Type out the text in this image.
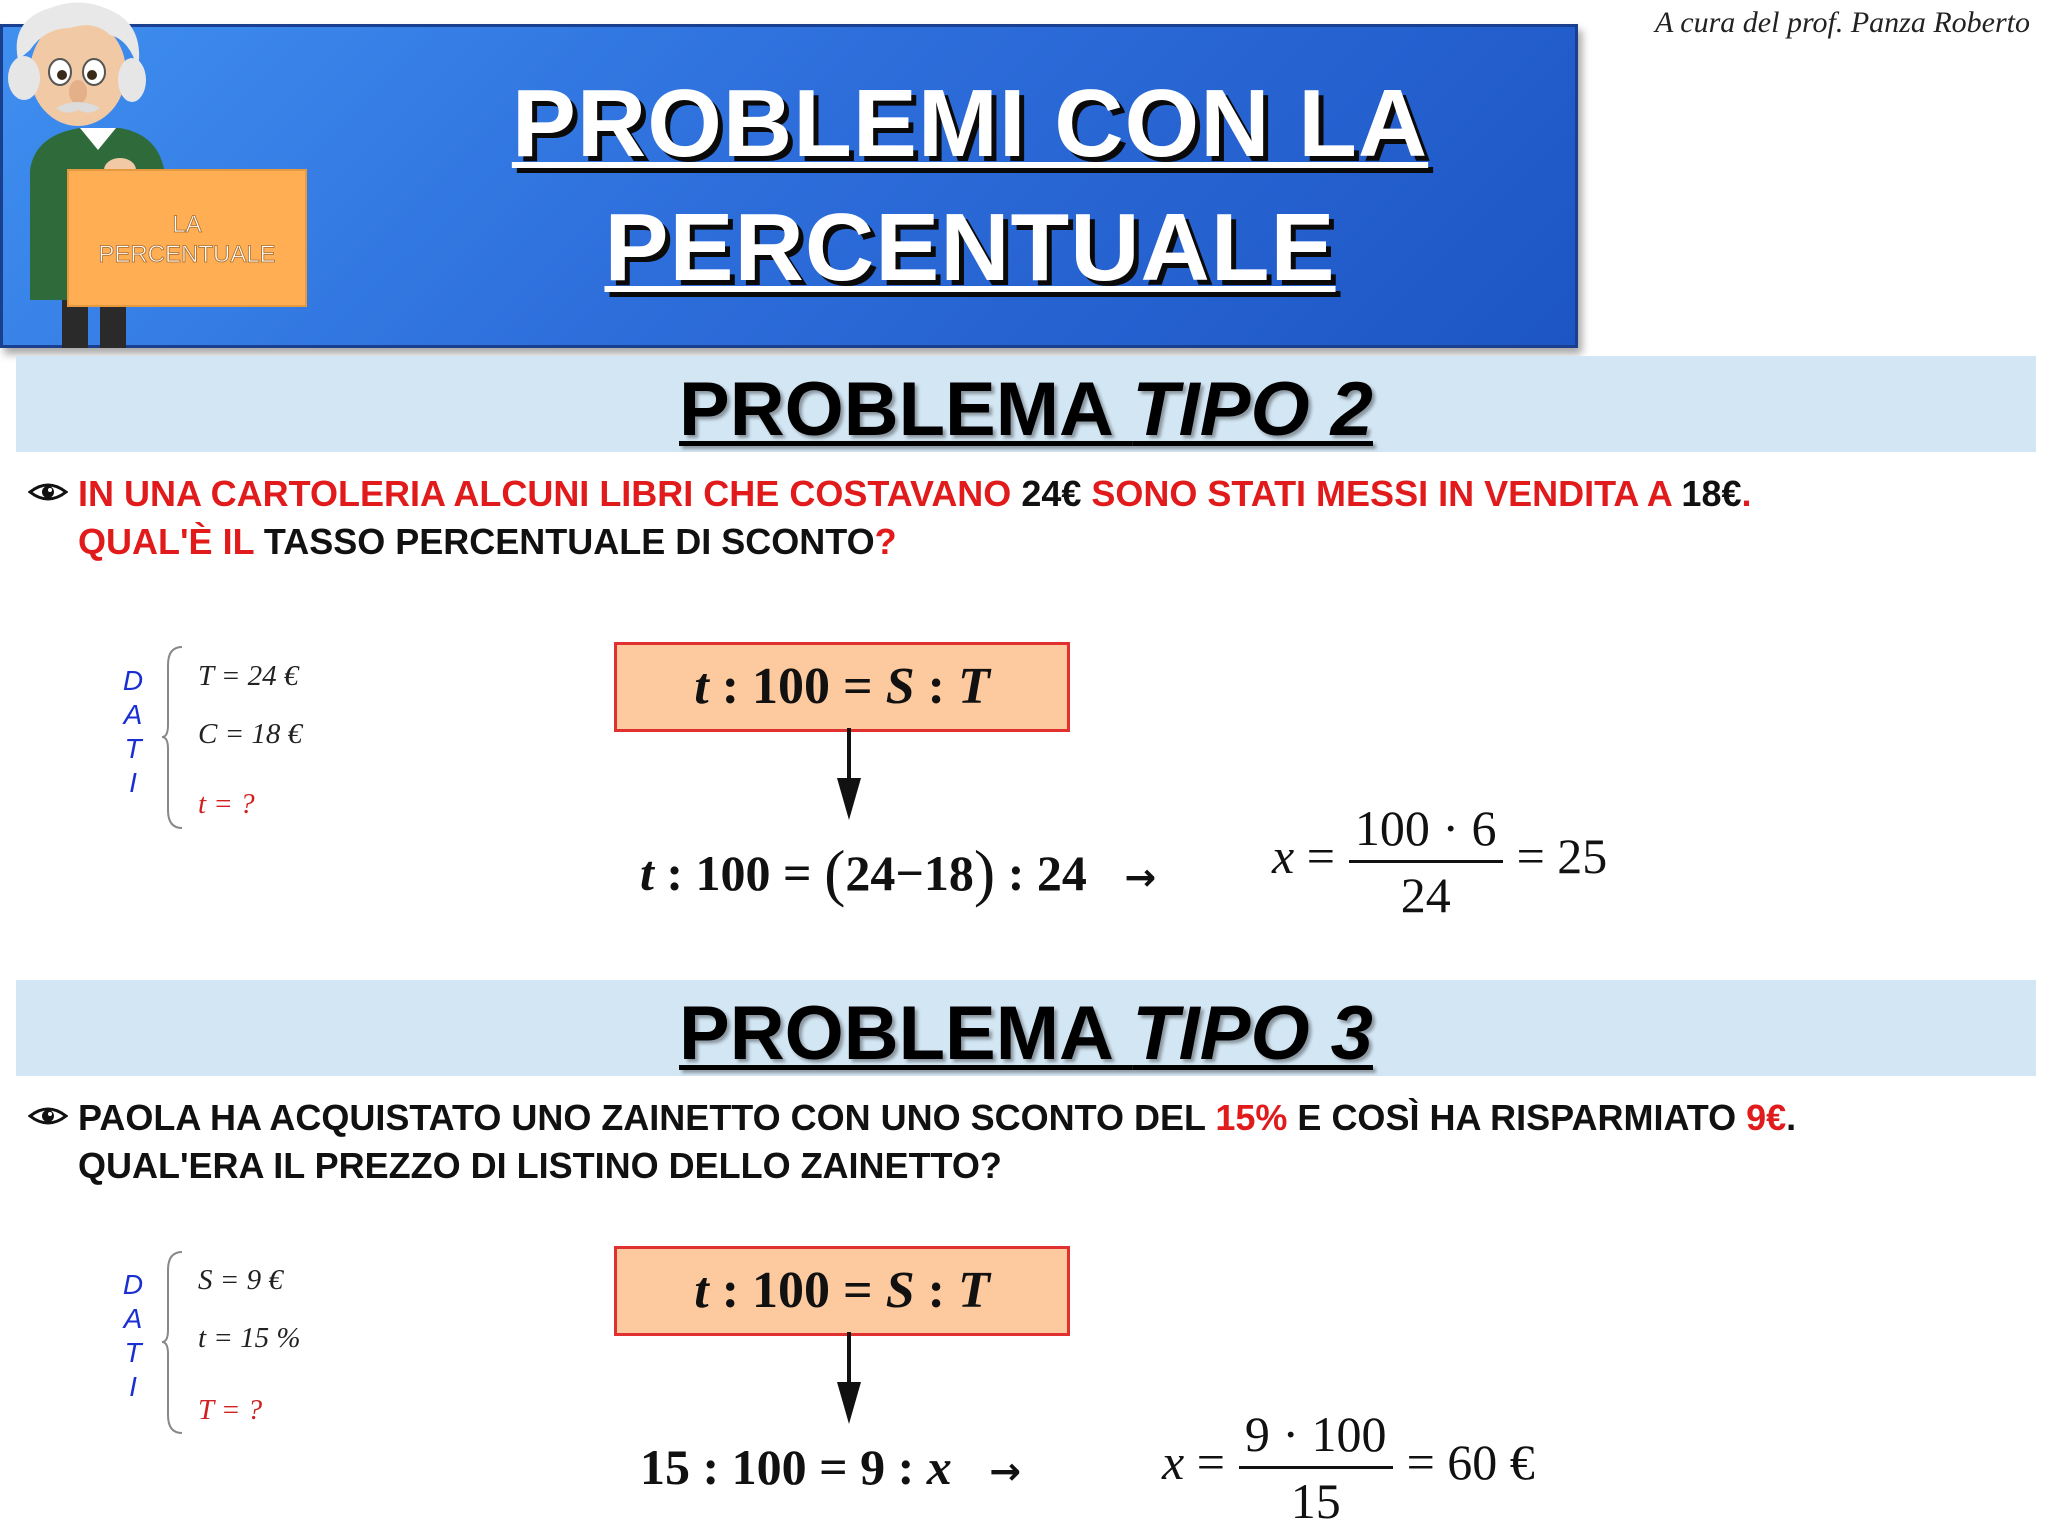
A cura del prof. Panza Roberto
PROBLEMI CON LA
PERCENTUALE
LA
PERCENTUALE
PROBLEMA TIPO 2
IN UNA CARTOLERIA ALCUNI LIBRI CHE COSTAVANO 24€ SONO STATI MESSI IN VENDITA A 18€.
QUAL'È IL TASSO PERCENTUALE DI SCONTO?
D
A
T
I
T = 24 €
C = 18 €
t = ?
t : 100 = S : T
t : 100 = (24−18) : $24 \to x = \frac{100 \cdot 6}{24} = 25$
PROBLEMA TIPO 3
PAOLA HA ACQUISTATO UNO ZAINETTO CON UNO SCONTO DEL 15% E COSÌ HA RISPARMIATO 9€.
QUAL'ERA IL PREZZO DI LISTINO DELLO ZAINETTO?
D
A
T
I
S = 9 €
t = 15 %
T = ?
t : 100 = S : T
15 : 100 = 9 : x →	$x = \frac{9 \cdot 100}{15} = 60$ €
